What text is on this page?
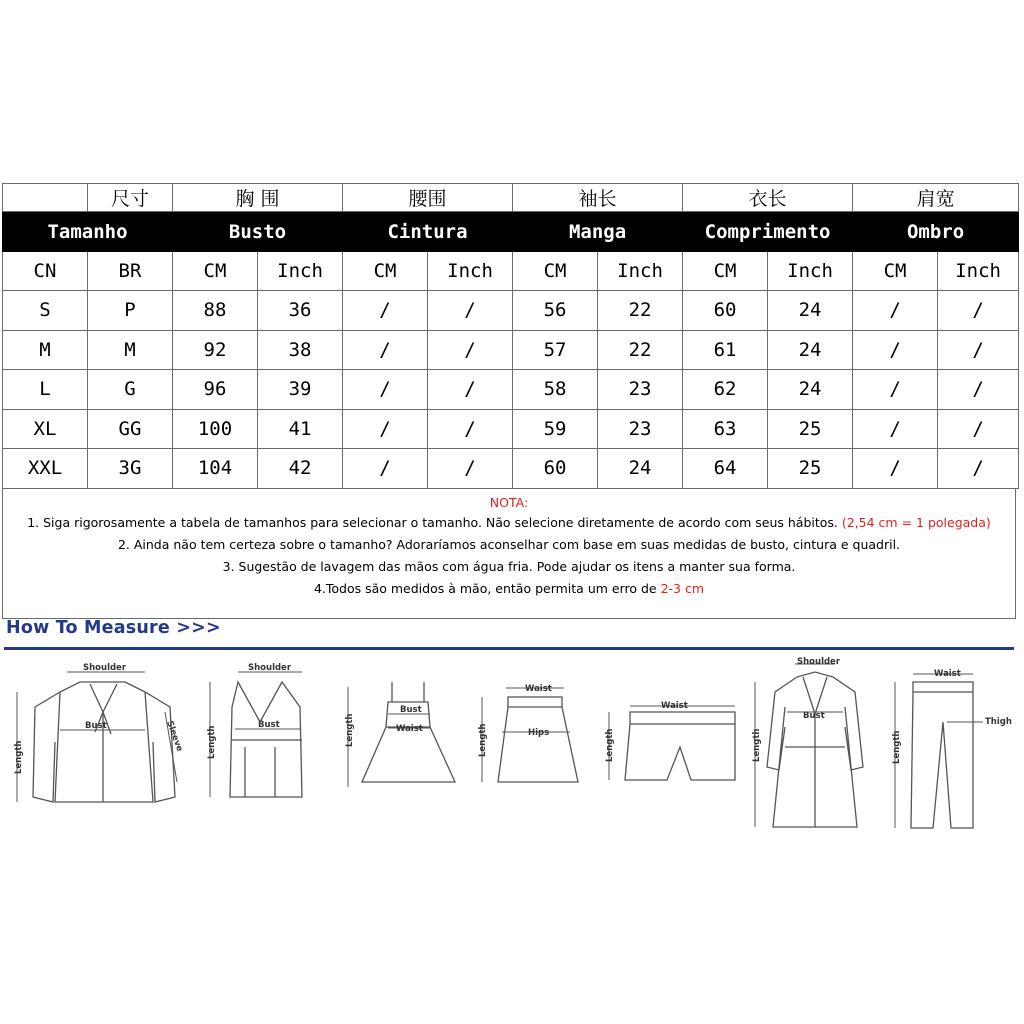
	尺寸	胸 围		腰围		袖长		衣长		肩宽	
Tamanho		Busto		Cintura		Manga		Comprimento		Ombro	
CN	BR	CM	Inch	CM	Inch	CM	Inch	CM	Inch	CM	Inch
S	P	88	36	/	/	56	22	60	24	/	/
M	M	92	38	/	/	57	22	61	24	/	/
L	G	96	39	/	/	58	23	62	24	/	/
XL	GG	100	41	/	/	59	23	63	25	/	/
XXL	3G	104	42	/	/	60	24	64	25	/	/
NOTA:
1. Siga rigorosamente a tabela de tamanhos para selecionar o tamanho. Não selecione diretamente de acordo com seus hábitos. (2,54 cm = 1 polegada)
2. Ainda não tem certeza sobre o tamanho? Adoraríamos aconselhar com base em suas medidas de busto, cintura e quadril.
3. Sugestão de lavagem das mãos com água fria. Pode ajudar os itens a manter sua forma.
4.Todos são medidos à mão, então permita um erro de 2-3 cm
How To Measure >>>
Shoulder
Bust
Length
Sleeve
Shoulder
Bust
Length
Bust
Waist
Length
Waist
Hips
Length
Waist
Length
Shoulder
Bust
Length
Waist
Thigh
Length
